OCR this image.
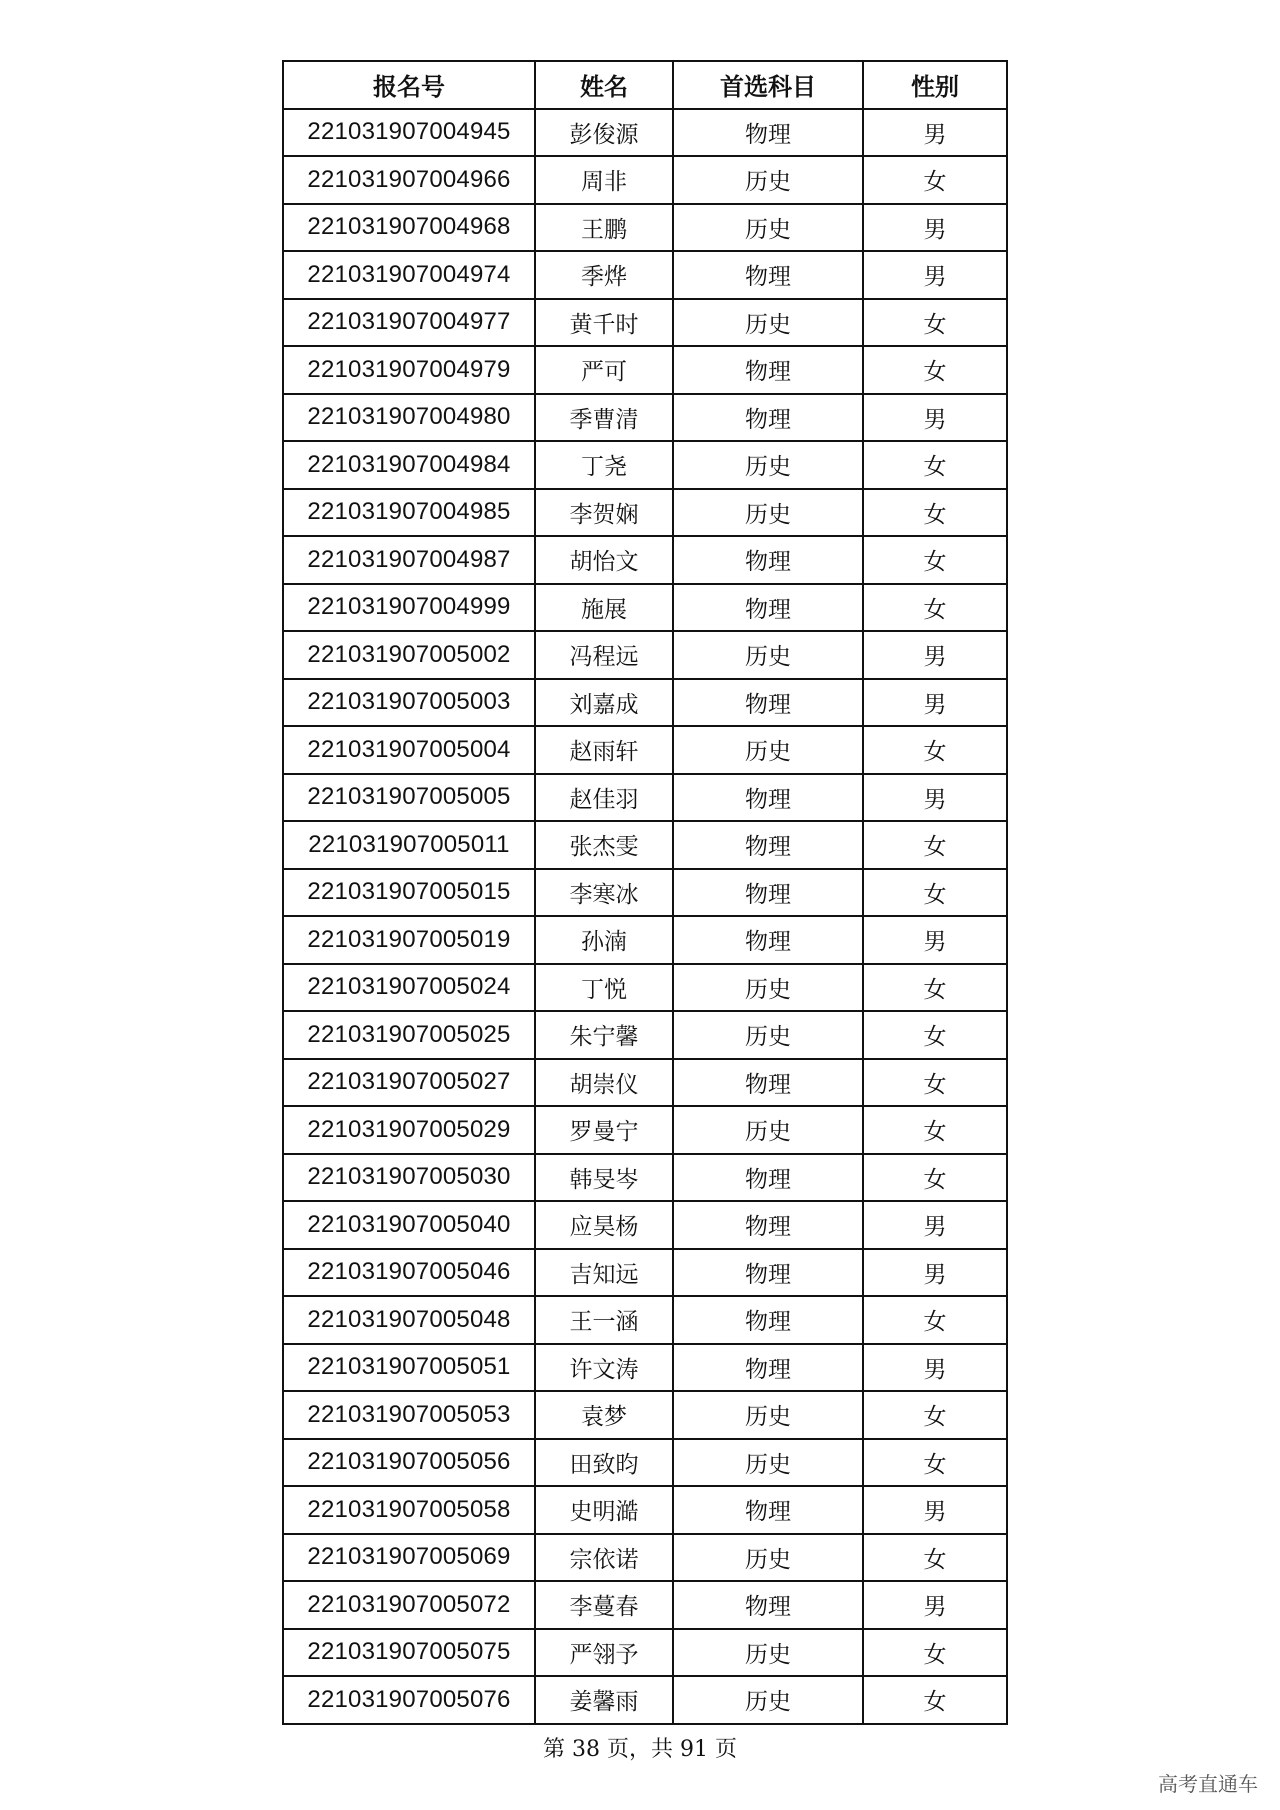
报名号	姓名	首选科目	性别
221031907004945	彭俊源	物理	男
221031907004966	周非	历史	女
221031907004968	王鹏	历史	男
221031907004974	季烨	物理	男
221031907004977	黄千时	历史	女
221031907004979	严可	物理	女
221031907004980	季曹清	物理	男
221031907004984	丁尧	历史	女
221031907004985	李贺娴	历史	女
221031907004987	胡怡文	物理	女
221031907004999	施展	物理	女
221031907005002	冯程远	历史	男
221031907005003	刘嘉成	物理	男
221031907005004	赵雨轩	历史	女
221031907005005	赵佳羽	物理	男
221031907005011	张杰雯	物理	女
221031907005015	李寒冰	物理	女
221031907005019	孙湳	物理	男
221031907005024	丁悦	历史	女
221031907005025	朱宁馨	历史	女
221031907005027	胡崇仪	物理	女
221031907005029	罗曼宁	历史	女
221031907005030	韩旻岑	物理	女
221031907005040	应昊杨	物理	男
221031907005046	吉知远	物理	男
221031907005048	王一涵	物理	女
221031907005051	许文涛	物理	男
221031907005053	袁梦	历史	女
221031907005056	田致昀	历史	女
221031907005058	史明澔	物理	男
221031907005069	宗依诺	历史	女
221031907005072	李蔓春	物理	男
221031907005075	严翎予	历史	女
221031907005076	姜馨雨	历史	女
第 38 页，共 91 页
高考直通车
